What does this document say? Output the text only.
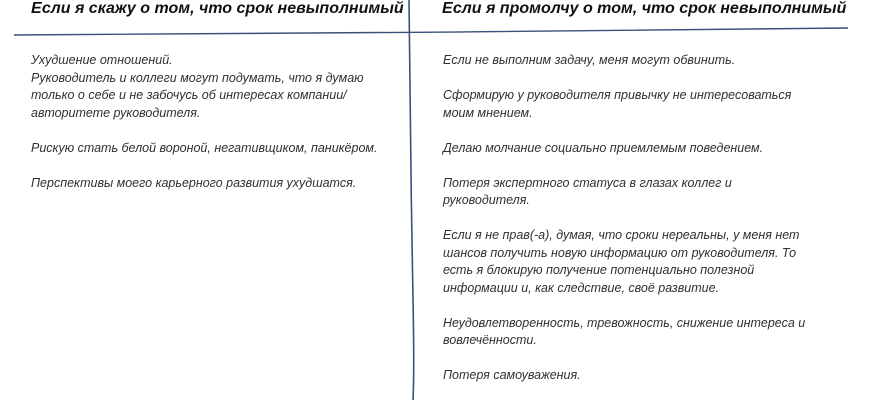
Если я скажу о том, что срок невыполнимый Если я промолчу о том, что срок невыполнимый
Ухудшение отношений.
Руководитель и коллеги могут подумать, что я думаю
только о себе и не забочусь об интересах компании/
авторитете руководителя.
Рискую стать белой вороной, негативщиком, паникёром.
Перспективы моего карьерного развития ухудшатся.
Если не выполним задачу, меня могут обвинить.
Сформирую у руководителя привычку не интересоваться
моим мнением.
Делаю молчание социально приемлемым поведением.
Потеря экспертного статуса в глазах коллег и
руководителя.
Если я не прав(-а), думая, что сроки нереальны, у меня нет
шансов получить новую информацию от руководителя. То
есть я блокирую получение потенциально полезной
информации и, как следствие, своё развитие.
Неудовлетворенность, тревожность, снижение интереса и
вовлечённости.
Потеря самоуважения.
